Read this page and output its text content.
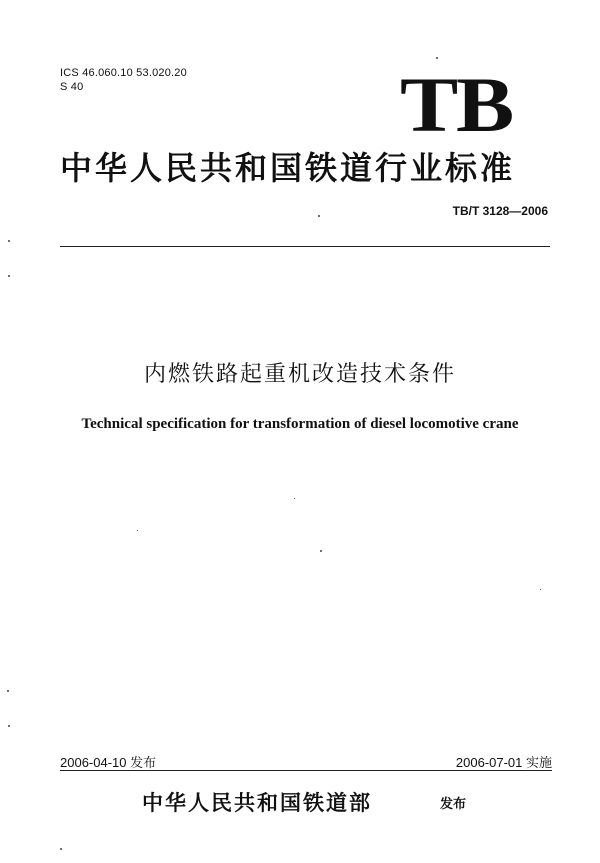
ICS 46.060.10 53.020.20
S 40	TB
中华人民共和国铁道行业标准
TB/T 3128—2006
内燃铁路起重机改造技术条件
Technical specification for transformation of diesel locomotive crane
2006-04-10 发布	2006-07-01 实施
中华人民共和国铁道部	发布
